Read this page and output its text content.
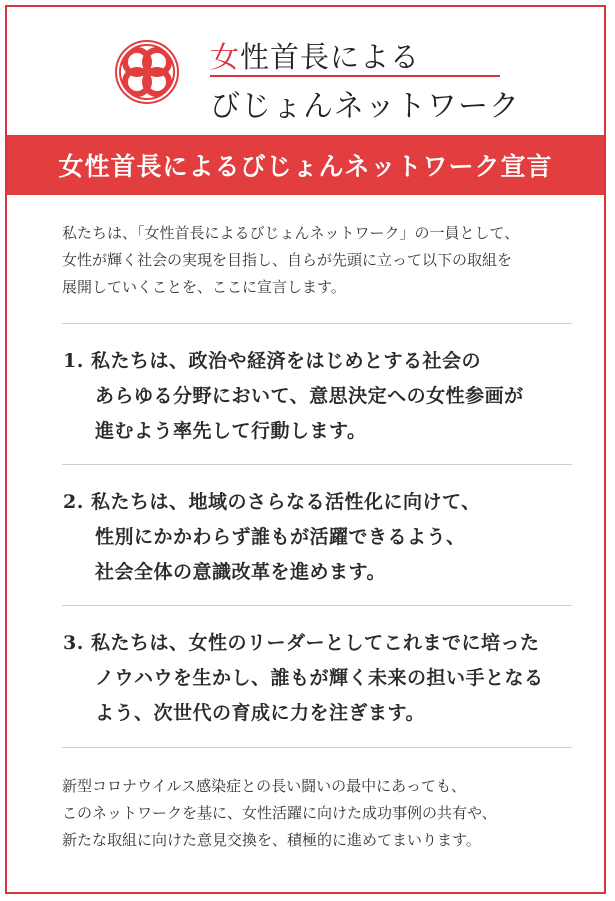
女性首長による
びじょんネットワーク
女性首長によるびじょんネットワーク宣言
私たちは、「女性首長によるびじょんネットワーク」の一員として、
女性が輝く社会の実現を目指し、自らが先頭に立って以下の取組を
展開していくことを、ここに宣言します。
1. 私たちは、政治や経済をはじめとする社会の
あらゆる分野において、意思決定への女性参画が
進むよう率先して行動します。
2. 私たちは、地域のさらなる活性化に向けて、
性別にかかわらず誰もが活躍できるよう、
社会全体の意識改革を進めます。
3. 私たちは、女性のリーダーとしてこれまでに培った
ノウハウを生かし、誰もが輝く未来の担い手となる
よう、次世代の育成に力を注ぎます。
新型コロナウイルス感染症との長い闘いの最中にあっても、
このネットワークを基に、女性活躍に向けた成功事例の共有や、
新たな取組に向けた意見交換を、積極的に進めてまいります。
